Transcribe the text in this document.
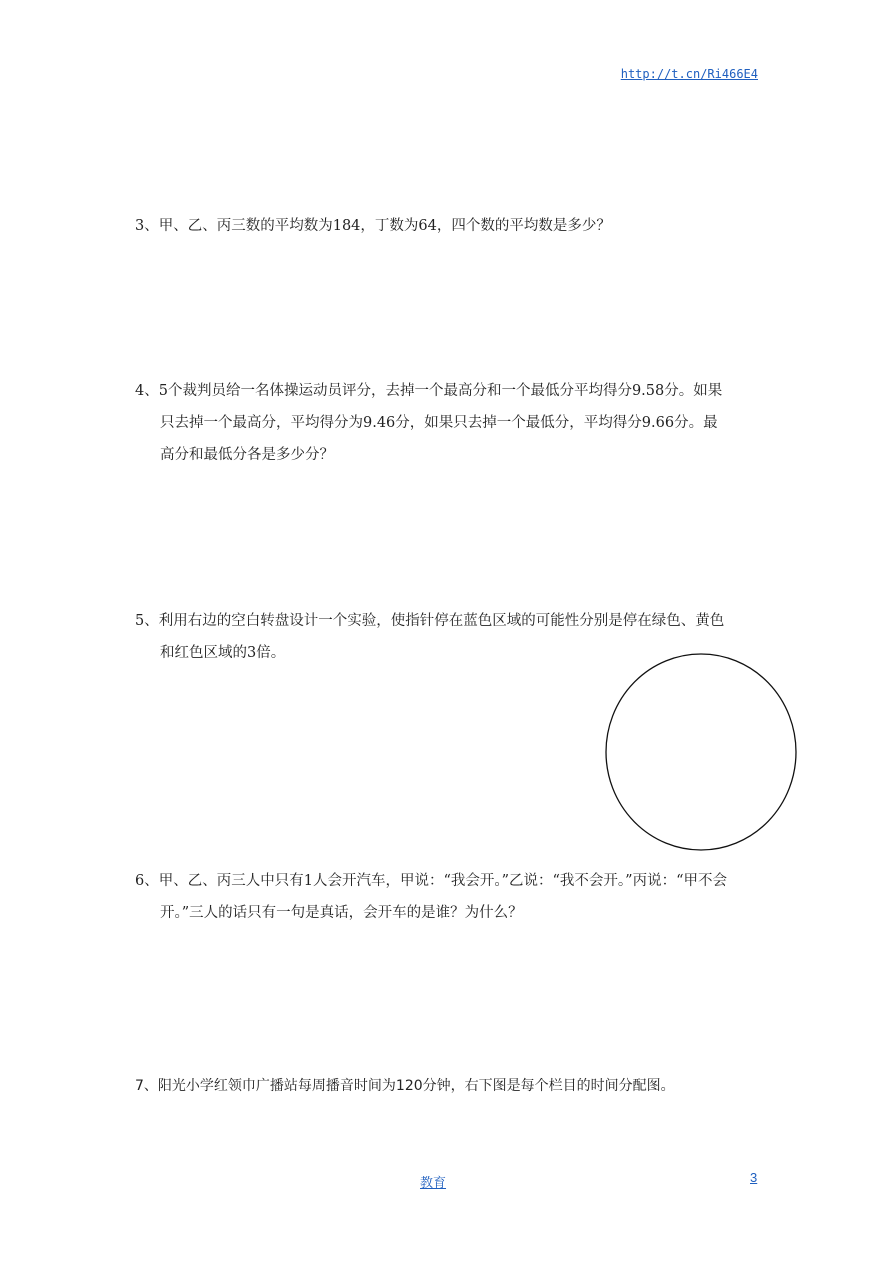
http://t.cn/Ri466E4
3、甲、乙、丙三数的平均数为184，丁数为64，四个数的平均数是多少？
4、5个裁判员给一名体操运动员评分，去掉一个最高分和一个最低分平均得分9.58分。如果
只去掉一个最高分，平均得分为9.46分，如果只去掉一个最低分，平均得分9.66分。最
高分和最低分各是多少分？
5、利用右边的空白转盘设计一个实验，使指针停在蓝色区域的可能性分别是停在绿色、黄色
和红色区域的3倍。
6、甲、乙、丙三人中只有1人会开汽车，甲说：“我会开。”乙说：“我不会开。”丙说：“甲不会
开。”三人的话只有一句是真话，会开车的是谁？为什么？
7、阳光小学红领巾广播站每周播音时间为120分钟，右下图是每个栏目的时间分配图。
教育	3
